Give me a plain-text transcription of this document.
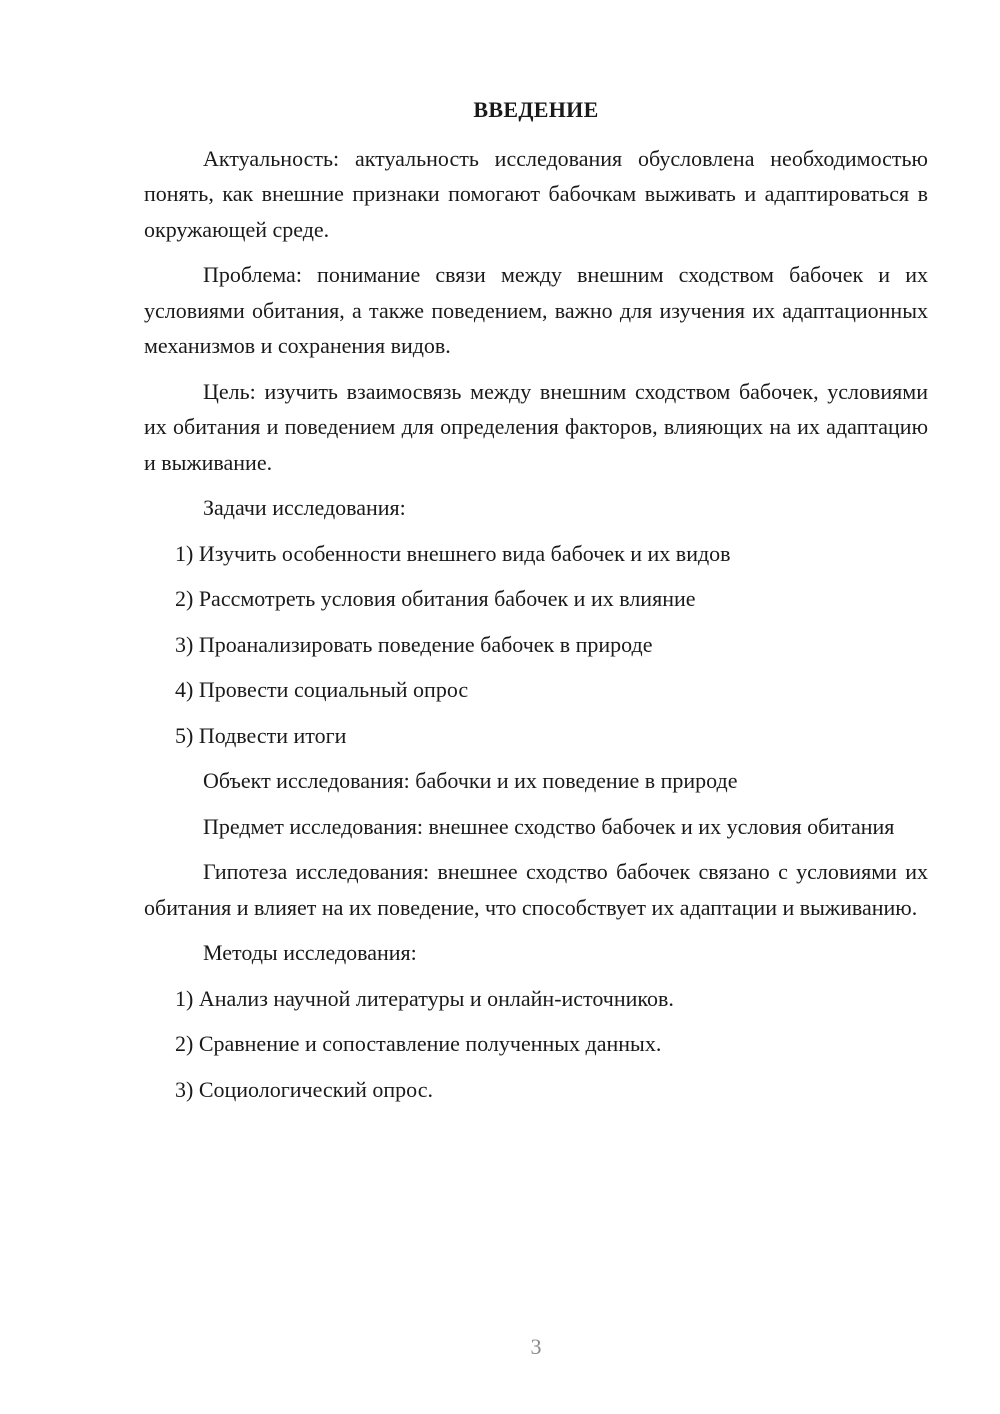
ВВЕДЕНИЕ
Актуальность: актуальность исследования обусловлена необходимостью понять, как внешние признаки помогают бабочкам выживать и адаптироваться в окружающей среде.
Проблема: понимание связи между внешним сходством бабочек и их условиями обитания, а также поведением, важно для изучения их адаптационных механизмов и сохранения видов.
Цель: изучить взаимосвязь между внешним сходством бабочек, условиями их обитания и поведением для определения факторов, влияющих на их адаптацию и выживание.
Задачи исследования:
1) Изучить особенности внешнего вида бабочек и их видов
2) Рассмотреть условия обитания бабочек и их влияние
3) Проанализировать поведение бабочек в природе
4) Провести социальный опрос
5) Подвести итоги
Объект исследования: бабочки и их поведение в природе
Предмет исследования: внешнее сходство бабочек и их условия обитания
Гипотеза исследования: внешнее сходство бабочек связано с условиями их обитания и влияет на их поведение, что способствует их адаптации и выживанию.
Методы исследования:
1) Анализ научной литературы и онлайн-источников.
2) Сравнение и сопоставление полученных данных.
3) Социологический опрос.
3
